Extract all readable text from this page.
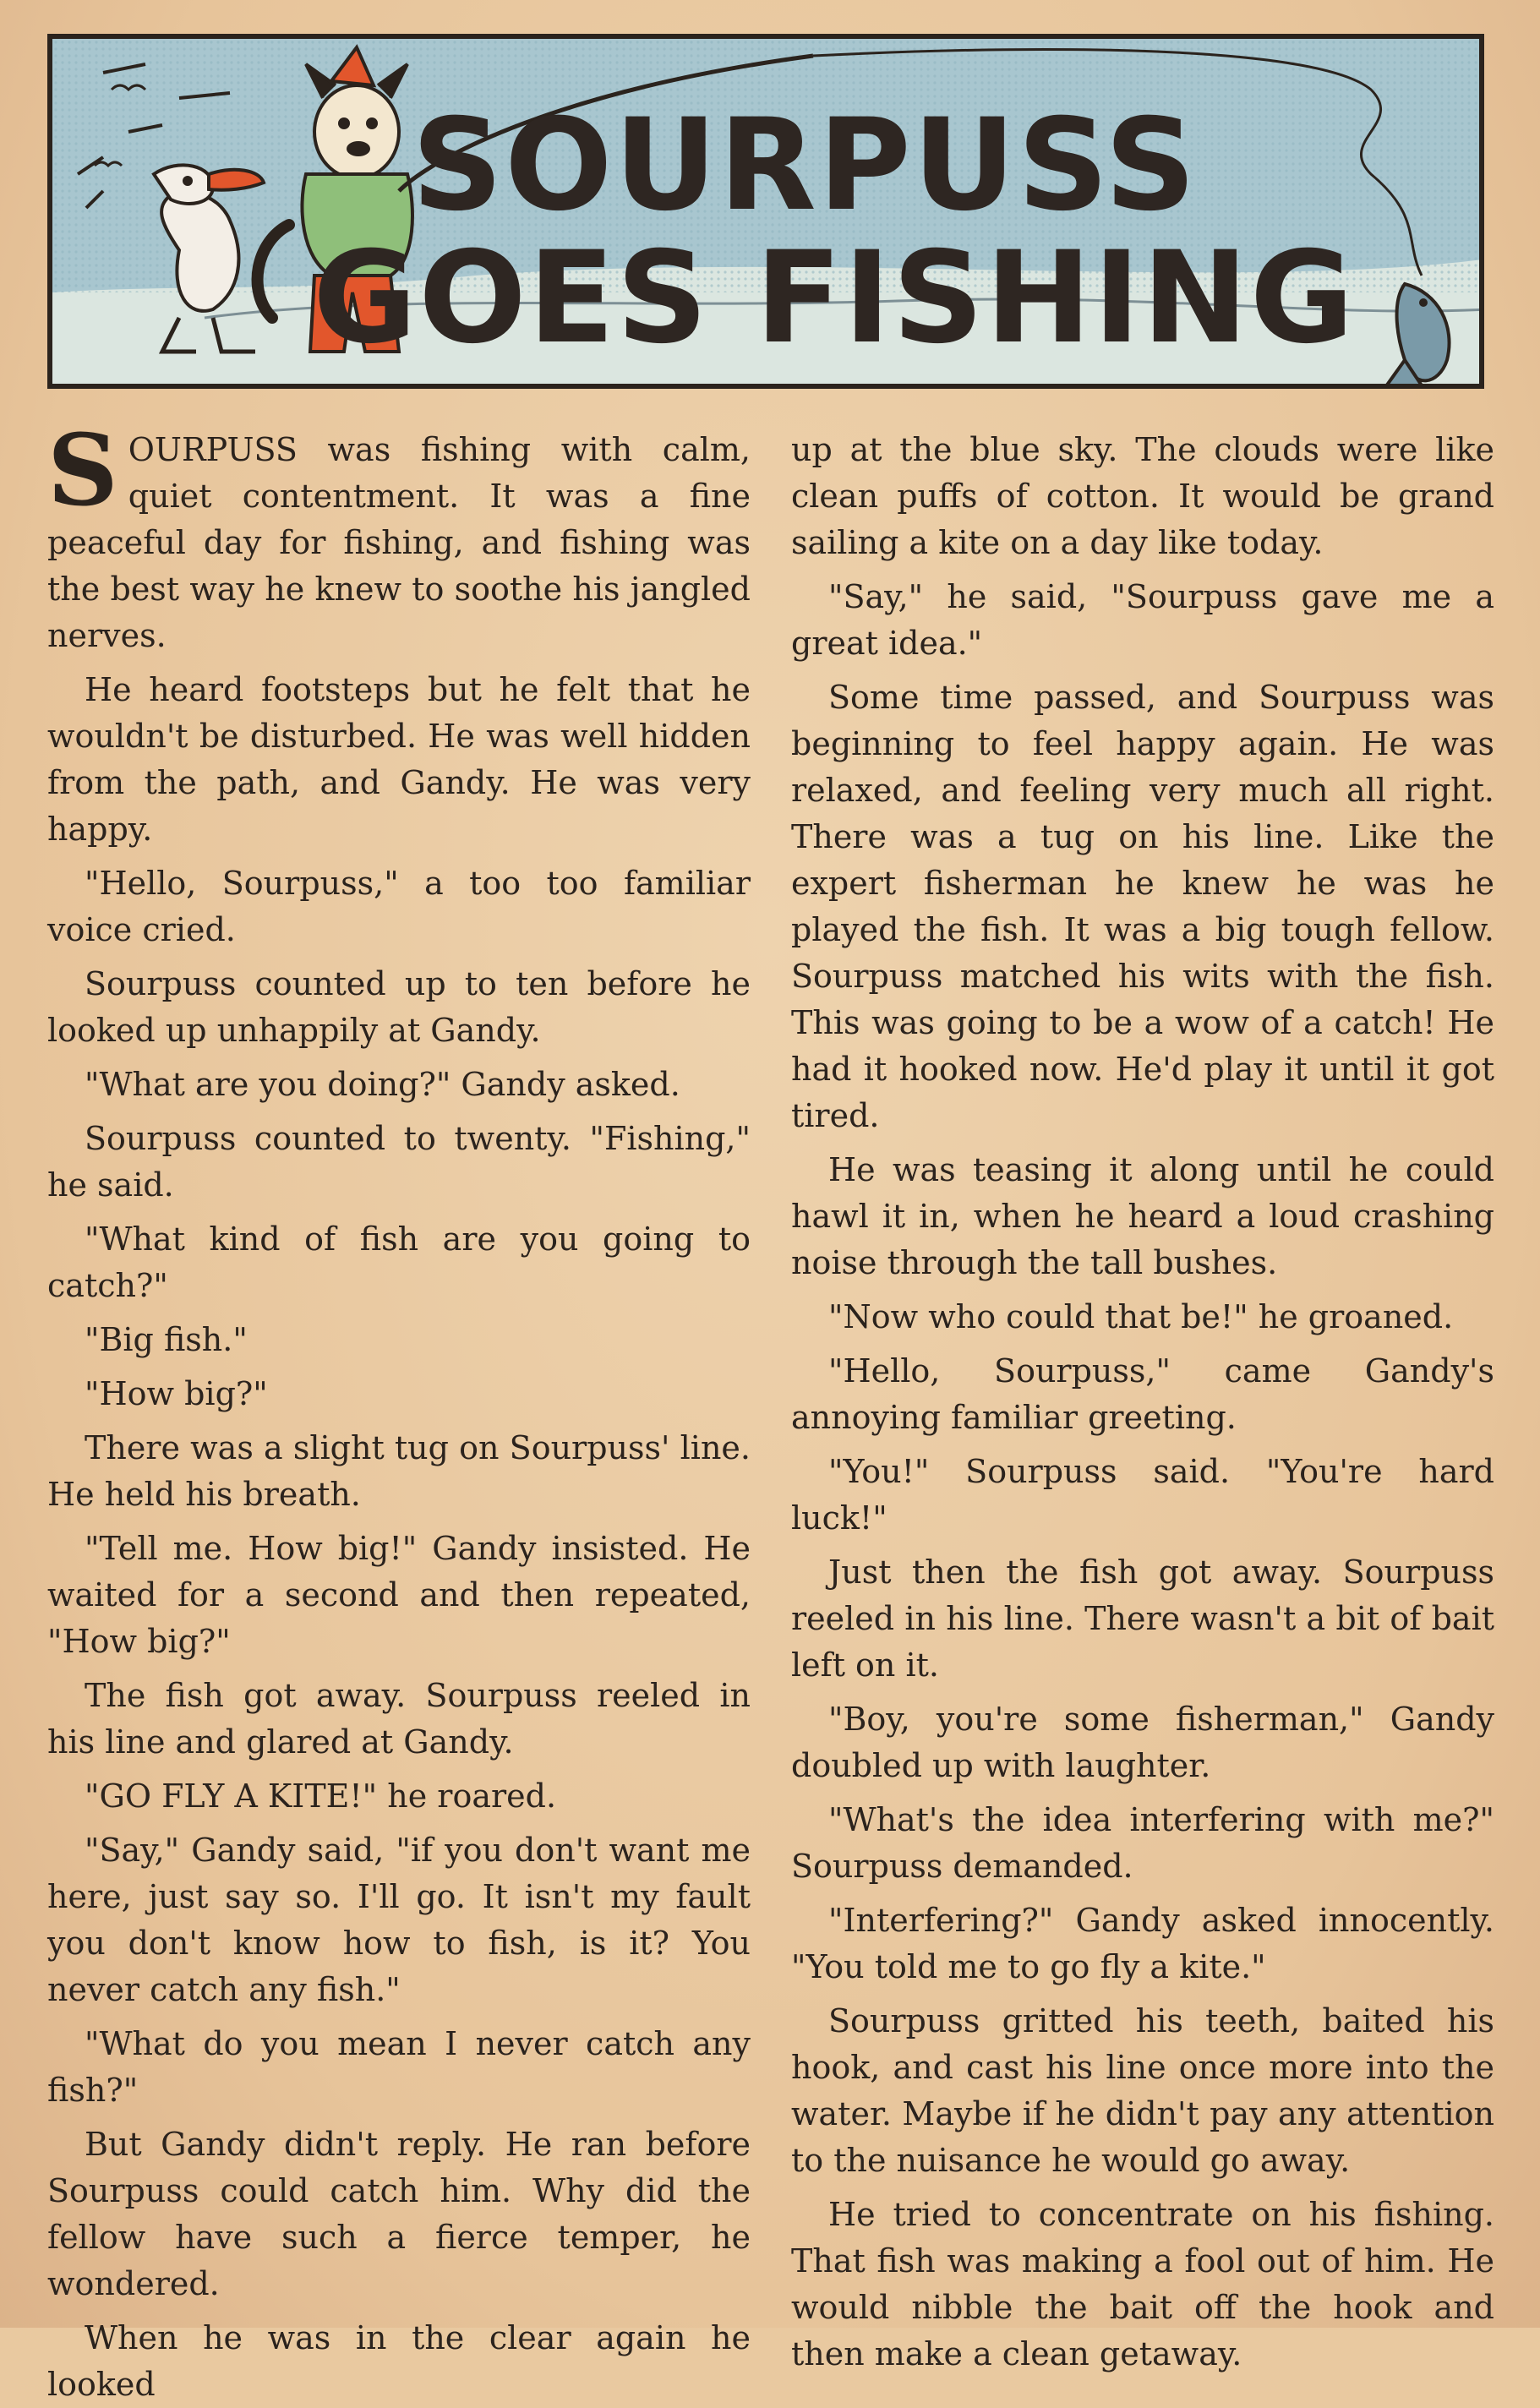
SOURPUSS
GOES FISHING

SOURPUSS was fishing with calm, quiet contentment. It was a fine peaceful day for fishing, and fishing was the best way he knew to soothe his jangled nerves.

He heard footsteps but he felt that he wouldn't be disturbed. He was well hidden from the path, and Gandy. He was very happy.

"Hello, Sourpuss," a too too familiar voice cried.

Sourpuss counted up to ten before he looked up unhappily at Gandy.

"What are you doing?" Gandy asked.

Sourpuss counted to twenty. "Fishing," he said.

"What kind of fish are you going to catch?"

"Big fish."

"How big?"

There was a slight tug on Sourpuss' line. He held his breath.

"Tell me. How big!" Gandy insisted. He waited for a second and then repeated, "How big?"

The fish got away. Sourpuss reeled in his line and glared at Gandy.

"GO FLY A KITE!" he roared.

"Say," Gandy said, "if you don't want me here, just say so. I'll go. It isn't my fault you don't know how to fish, is it? You never catch any fish."

"What do you mean I never catch any fish?"

But Gandy didn't reply. He ran before Sourpuss could catch him. Why did the fellow have such a fierce temper, he wondered.

When he was in the clear again he looked

up at the blue sky. The clouds were like clean puffs of cotton. It would be grand sailing a kite on a day like today.

"Say," he said, "Sourpuss gave me a great idea."

Some time passed, and Sourpuss was beginning to feel happy again. He was relaxed, and feeling very much all right. There was a tug on his line. Like the expert fisherman he knew he was he played the fish. It was a big tough fellow. Sourpuss matched his wits with the fish. This was going to be a wow of a catch! He had it hooked now. He'd play it until it got tired.

He was teasing it along until he could hawl it in, when he heard a loud crashing noise through the tall bushes.

"Now who could that be!" he groaned.

"Hello, Sourpuss," came Gandy's annoying familiar greeting.

"You!" Sourpuss said. "You're hard luck!"

Just then the fish got away. Sourpuss reeled in his line. There wasn't a bit of bait left on it.

"Boy, you're some fisherman," Gandy doubled up with laughter.

"What's the idea interfering with me?" Sourpuss demanded.

"Interfering?" Gandy asked innocently. "You told me to go fly a kite."

Sourpuss gritted his teeth, baited his hook, and cast his line once more into the water. Maybe if he didn't pay any attention to the nuisance he would go away.

He tried to concentrate on his fishing. That fish was making a fool out of him. He would nibble the bait off the hook and then make a clean getaway.
